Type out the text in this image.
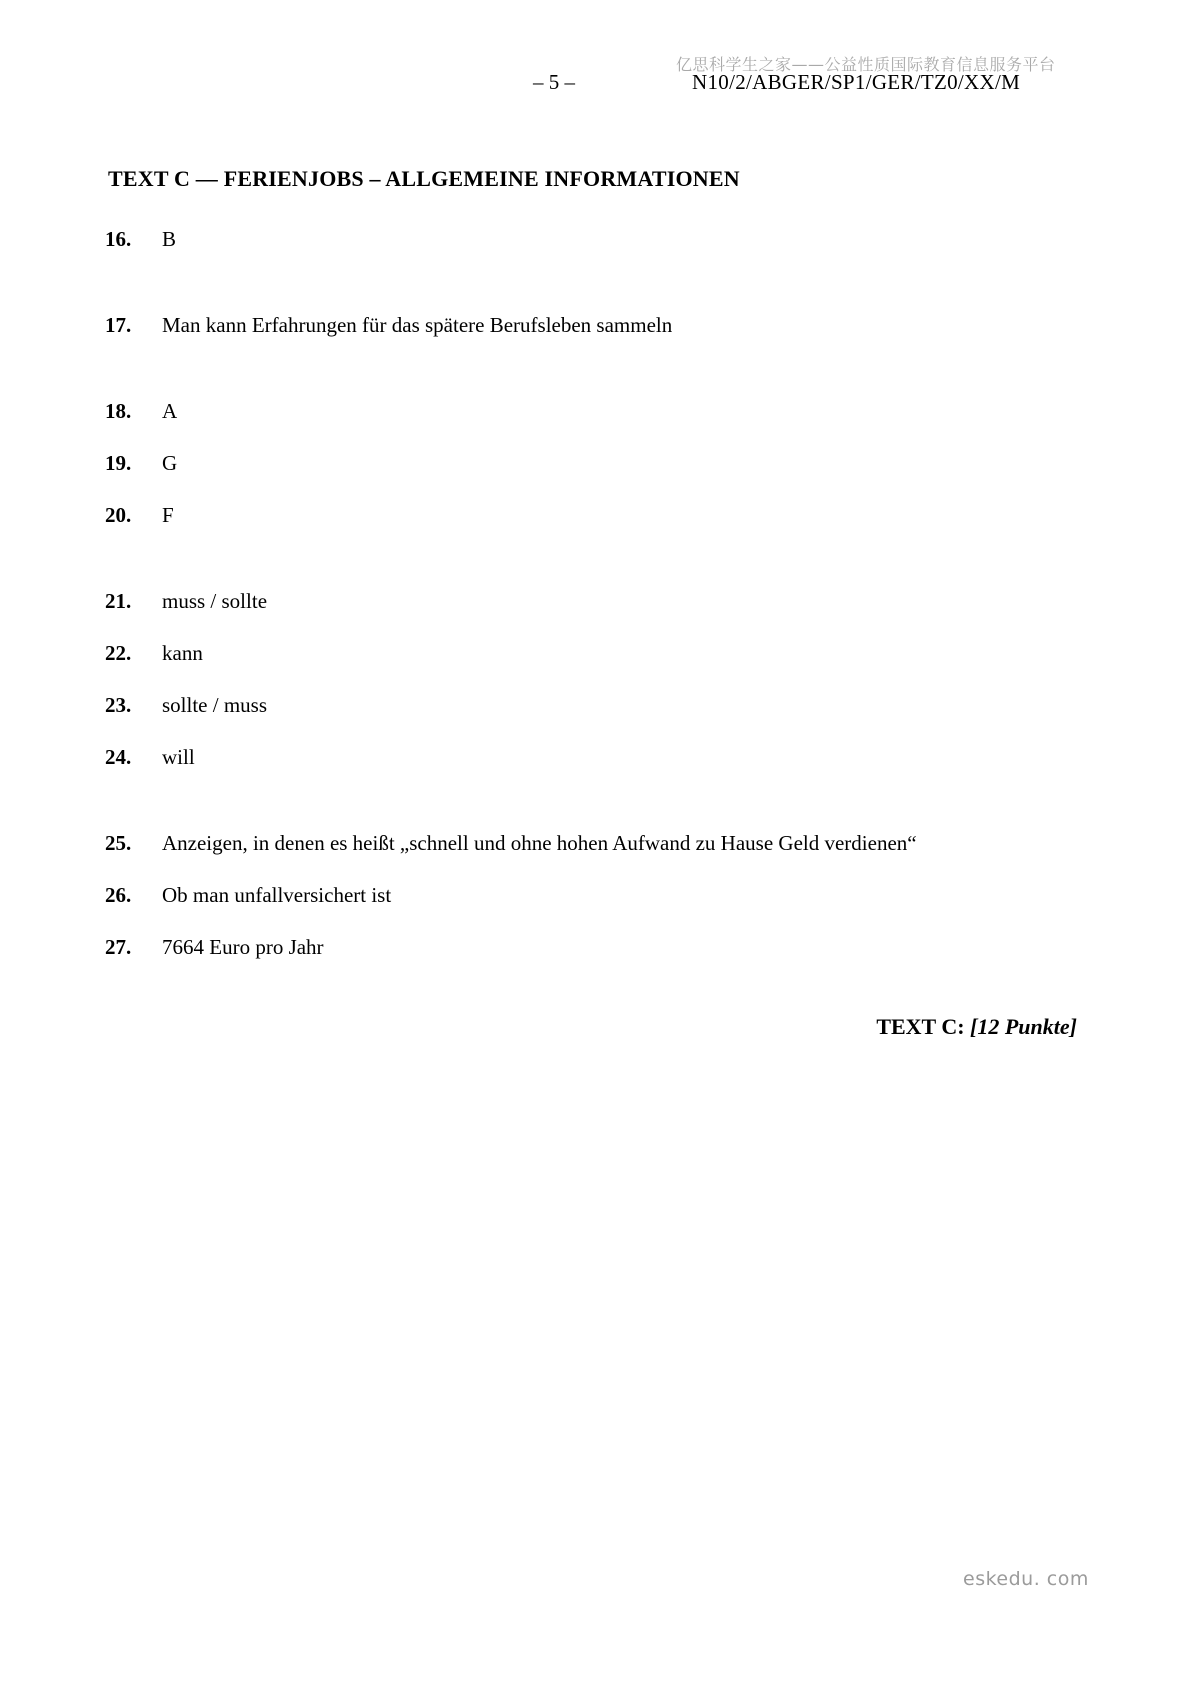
亿思科学生之家——公益性质国际教育信息服务平台
– 5 –	N10/2/ABGER/SP1/GER/TZ0/XX/M
TEXT C — FERIENJOBS – ALLGEMEINE INFORMATIONEN
16.	B
17.	Man kann Erfahrungen für das spätere Berufsleben sammeln
18.	A
19.	G
20.	F
21.	muss / sollte
22.	kann
23.	sollte / muss
24.	will
25.	Anzeigen, in denen es heißt „schnell und ohne hohen Aufwand zu Hause Geld verdienen“
26.	Ob man unfallversichert ist
27.	7664 Euro pro Jahr
TEXT C: [12 Punkte]
eskedu. com
